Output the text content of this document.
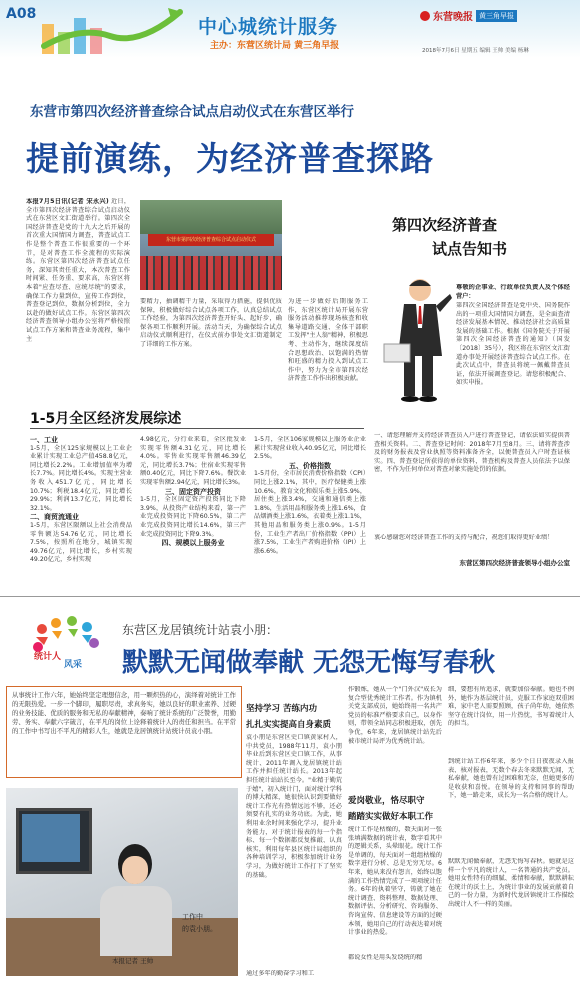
A08
中心城统计服务
主办：东营区统计局 黄三角早报
东营晚报 黄三角早报
2018年7月6日 星期五 编辑 王帅 美编 杨琳
东营市第四次经济普查综合试点启动仪式在东营区举行
提前演练，为经济普查探路
本报7月5日讯(记者 宋永兴) 近日，全市第四次经济普查综合试点启动仪式在东营区文汇街道举行。第四次全国经济普查是党的十九大之后开展的首次重大国情国力调查，普查试点工作是整个普查工作很重要的一个环节，是对普查工作全流程的实际演练。东营区第四次经济普查试点任务，深知其责任重大，本次普查工作时间紧、任务重、要求高，东营区将本着"应查尽查、应统尽统"的要求，确保工作力量到位，宣传工作到位，普查登记到位，数据分析到位，全力以赴的做好试点工作。东营区第四次经济普查领导小组办公室将严格按照试点工作方案和普查业务流程，集中主
东营市第四次经济普查综合试点启动仪式
要精力，抽调精干力量，采取得力措施，提供优质保障，积极做好综合试点各项工作，认真总结试点工作经验，为第四次经济普查开好头、起好步，确保各项工作顺利开展。活动当天，为确保综合试点启动仪式顺利进行，在仪式前办事处文汇街道制定了详细的工作方案。
为进一步做好后期服务工作，东营区统计局开展东营服务活动推荐现场核查和收集导道路交通、全体干部职工发挥"主人翁"精神，积极思考、主动作为，继续深度结合思想政治、以饱满的热情和旺盛的精力投入到试点工作中，努力为全市第四次经济普查工作作出积极贡献。
第四次经济普查
试点告知书
尊敬的企事业、行政单位负责人及个体经营户：
第四次全国经济普查是党中央、国务院作出的一项重大国情国力调查，是全面查清经济发展基本情况、推动经济社会高质量发展的基础工作。根据《国务院关于开展第四次全国经济普查的通知》（国发〔2018〕35号），我区将在东营区文汇街道办事处开展经济普查综合试点工作。在此次试点中，普查员将统一佩戴普查员证，依法开展调查登记。请您积极配合、如实申报。
一、请您理解并支持经济普查员入户进行普查登记，请依法如实提供普查相关资料。二、普查登记时间：2018年7月至8月。三、请将普查涉及的财务报表及营业执照等资料准备齐全，以便普查员入户时查证核实。四、普查登记所获得的单位资料，普查机构及普查人员依法予以保密，不作为任何单位对普查对象实施处罚的依据。
衷心感谢您对经济普查工作的支持与配合，祝您们取得更好业绩！
东营区第四次经济普查领导小组办公室
1-5月全区经济发展综述
一、工业
1-5月，全区125家规模以上工业企业累计实现工业总产值458.8亿元，同比增长2.2%。工业增加值率为增长7.7%。同比增长4%。实现主营业务收入451.7亿元，同比增长10.7%；利税18.4亿元，同比增长29.9%；利润13.7亿元，同比增长32.1%。
二、商贸流通业
1-5月，东营区限额以上社会消费品零售额达54.76亿元，同比增长7.5%，按照所在地分，城镇实现49.76亿元，同比增长，乡村实现49.20亿元，乡村实现
4.98亿元，分行业来看，全区批发业实现零售额4.31亿元，同比增长4.0%。零售业实现零售额46.39亿元，同比增长3.7%；住宿业实现零售额0.40亿元，同比下降7.6%。餐饮业实现零售额2.94亿元，同比增长3%。
三、固定资产投资
1-5月，全区固定资产投资同比下降3.9%，从投资产业结构来看，第一产业完成投资同比下降60.5%，第二产业完成投资同比增长14.6%，第三产业完成投资同比下降9.3%。
四、规模以上服务业
1-5月，全区106家规模以上服务业企业累计实现营业收入40.95亿元，同比增长2.5%。
五、价格指数
1-5月份，全市居民消费价格指数（CPI）同比上涨2.1%，其中，医疗保健类上涨10.6%，教育文化和娱乐类上涨5.9%，居住类上涨3.4%，交通和通信类上涨1.8%，生活用品和服务类上涨1.6%，食品烟酒类上涨1.6%，衣着类上涨1.1%，其他用品和服务类上涨0.9%。1-5月份，工业生产者出厂价格指数（PPI）上涨7.5%，工业生产者购进价格（IPI）上涨6.6%。
统计人
风采
东营区龙居镇统计站袁小朋：
默默无闻做奉献 无怨无悔写春秋
从事统计工作六年，她始终坚定理想信念，用一颗炽热的心，演绎着对统计工作的无限热爱。一步一个脚印，履职尽责，求真务实，她以良好的职业素养、过硬的业务技能、优质的服务和无私的奉献精神，奏响了统计系统的广泛赞誉，用勤劳、务实、奉献六字箴言，在平凡的岗位上诠释着统计人的责任和担当。在平常的工作中书写出不平凡的精彩人生，她就是龙居镇统计站统计员袁小朋。
工作中
的袁小朋。
本报记者 王帅
坚持学习 苦练内功
扎扎实实提高自身素质
袁小朋是东营区史口镇黄家村人，中共党员，1988年11月，袁小朋毕业后到东营区史口镇工作，从事统计、2011年调入龙居镇统计站工作并担任统计站长。2013年起担任统计站站长至今。"业精于勤荒于嬉"，初入统计门，面对统计学科的博大精深，她很快认识到要做好统计工作光有热情远远不够，还必须要有扎实的业务功底。为此，她利用业余时间来强化学习，提升业务能力，对于统计报表的每一个指标、每一个数据都反复推敲、认真核实，利用每年县区统计局组织的各种培训学习，积极参加统计业务学习，为做好统计工作打下了坚实的基础。
通过多年的勤奋学习和工
作锻炼，她从一个"门外汉"成长为复合型优秀统计工作者。作为镇机关党支部成员，她始终用一名共产党员的标准严格要求自己，以身作则，带领全站同志积极进取，创先争优，6年来，龙居镇统计站先后被市统计局评为优秀统计站。
爱岗敬业，恪尽职守
踏踏实实做好本职工作
统计工作是枯燥的，数天面对一张张填满数据的统计表，数字看其中的逻辑关系，头晕眼花。统计工作是单调的，每天面对一组组枯燥的数字进行分析、总是无穷无尽。6年来，她从来没有怨言，始终以饱满的工作热情完成了一项项统计任务。6年的执着坚守，铸就了她在统计调查、资料整理、数据处理、数据评估、分析研究、咨询服务、咨询宣传、信息建设等方面的过硬本领，她用自己的行动表达着对统计事业的热爱。
都说女性是用头发绕统的精
细，要想有所追求，就要加倍奉献。她也不例外，她作为基层统计员，克服工作家庭双重困难，家中老人需要照顾，孩子尚年幼，她依然坚守在统计岗位，用一片热忱，书写着统计人的担当。
到统计站工作6年来，多少个日日夜夜录入报表、核对报表，无数个春去冬来默默无闻，无私奉献，她也曾有过困难和无奈，但她更多的是收获和喜悦。在领导的支持和同事的帮助下，她一路走来，成长为一名合格的统计人。
默默无闻做奉献，无怨无悔写春秋。她就是这样一个平凡的统计人，一名普通的共产党员。她用女性特有的细腻、柔情和奉献，默默耕耘在统计的沃土上，为统计事业的发展贡献着自己的一份力量，为新时代龙居镇统计工作描绘出统计人不一样的美丽。
